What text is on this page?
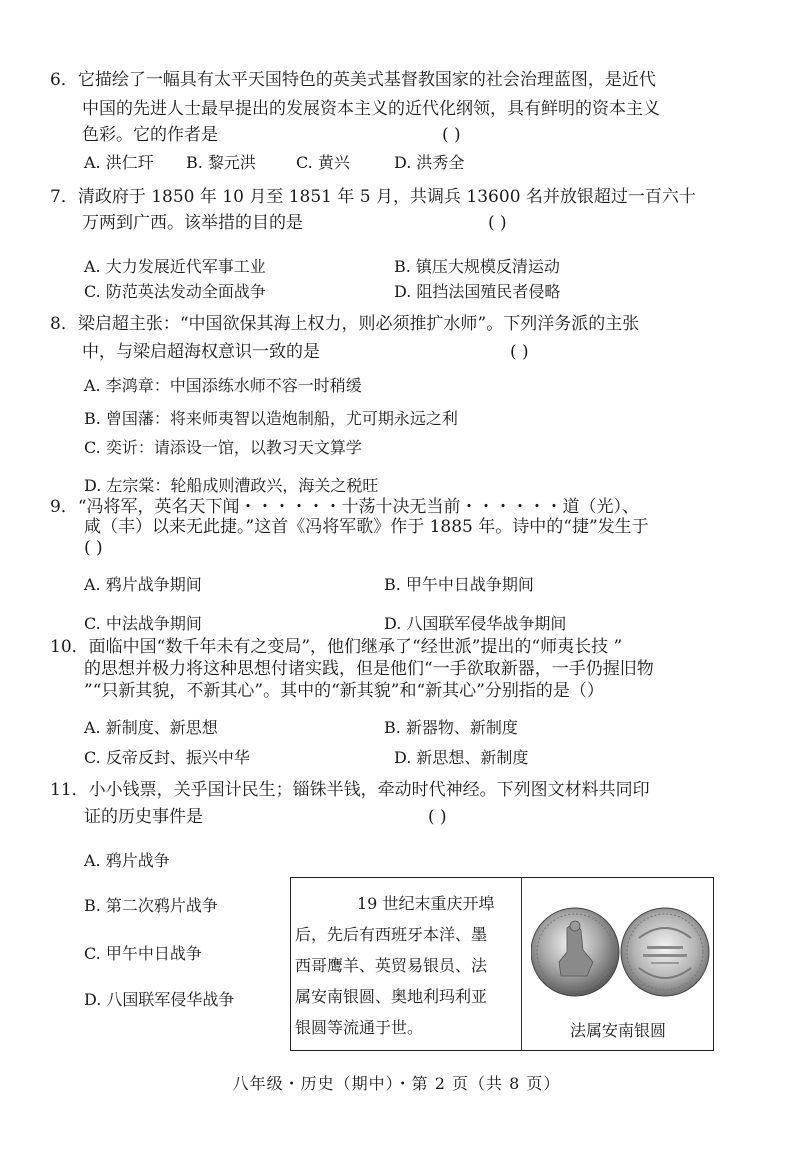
6．它描绘了一幅具有太平天国特色的英美式基督教国家的社会治理蓝图，是近代
中国的先进人士最早提出的发展资本主义的近代化纲领，具有鲜明的资本主义
色彩。它的作者是	( )
A. 洪仁玕 B. 黎元洪	C. 黄兴	D. 洪秀全
7．清政府于 1850 年 10 月至 1851 年 5 月，共调兵 13600 名并放银超过一百六十
万两到广西。该举措的目的是	( )
A. 大力发展近代军事工业	B. 镇压大规模反清运动
C. 防范英法发动全面战争	D. 阻挡法国殖民者侵略
8．梁启超主张：“中国欲保其海上权力，则必须推扩水师”。下列洋务派的主张
中，与梁启超海权意识一致的是	( )
A. 李鸿章：中国添练水师不容一时稍缓
B. 曾国藩：将来师夷智以造炮制船，尤可期永远之利
C. 奕䜣：请添设一馆，以教习天文算学
D. 左宗棠：轮船成则漕政兴，海关之税旺
9．“冯将军，英名天下闻・・・・・・十荡十决无当前・・・・・・道（光）、
咸（丰）以来无此捷。”这首《冯将军歌》作于 1885 年。诗中的“捷”发生于
( )
A. 鸦片战争期间	B. 甲午中日战争期间
C. 中法战争期间	D. 八国联军侵华战争期间
10．面临中国“数千年未有之变局”，他们继承了“经世派”提出的“师夷长技 ”
的思想并极力将这种思想付诸实践，但是他们“一手欲取新器，一手仍握旧物
”“只新其貌，不新其心”。其中的“新其貌”和“新其心”分别指的是（）
A. 新制度、新思想	B. 新器物、新制度
C. 反帝反封、振兴中华	D. 新思想、新制度
11．小小钱票，关乎国计民生；锱铢半钱，牵动时代神经。下列图文材料共同印
证的历史事件是	( )
A. 鸦片战争
B. 第二次鸦片战争
C. 甲午中日战争
D. 八国联军侵华战争
19 世纪末重庆开埠
后，先后有西班牙本洋、墨
西哥鹰羊、英贸易银员、法
属安南银圆、奥地利玛利亚
银圆等流通于世。	法属安南银圆
八年级・历史（期中）・第 2 页（共 8 页）
